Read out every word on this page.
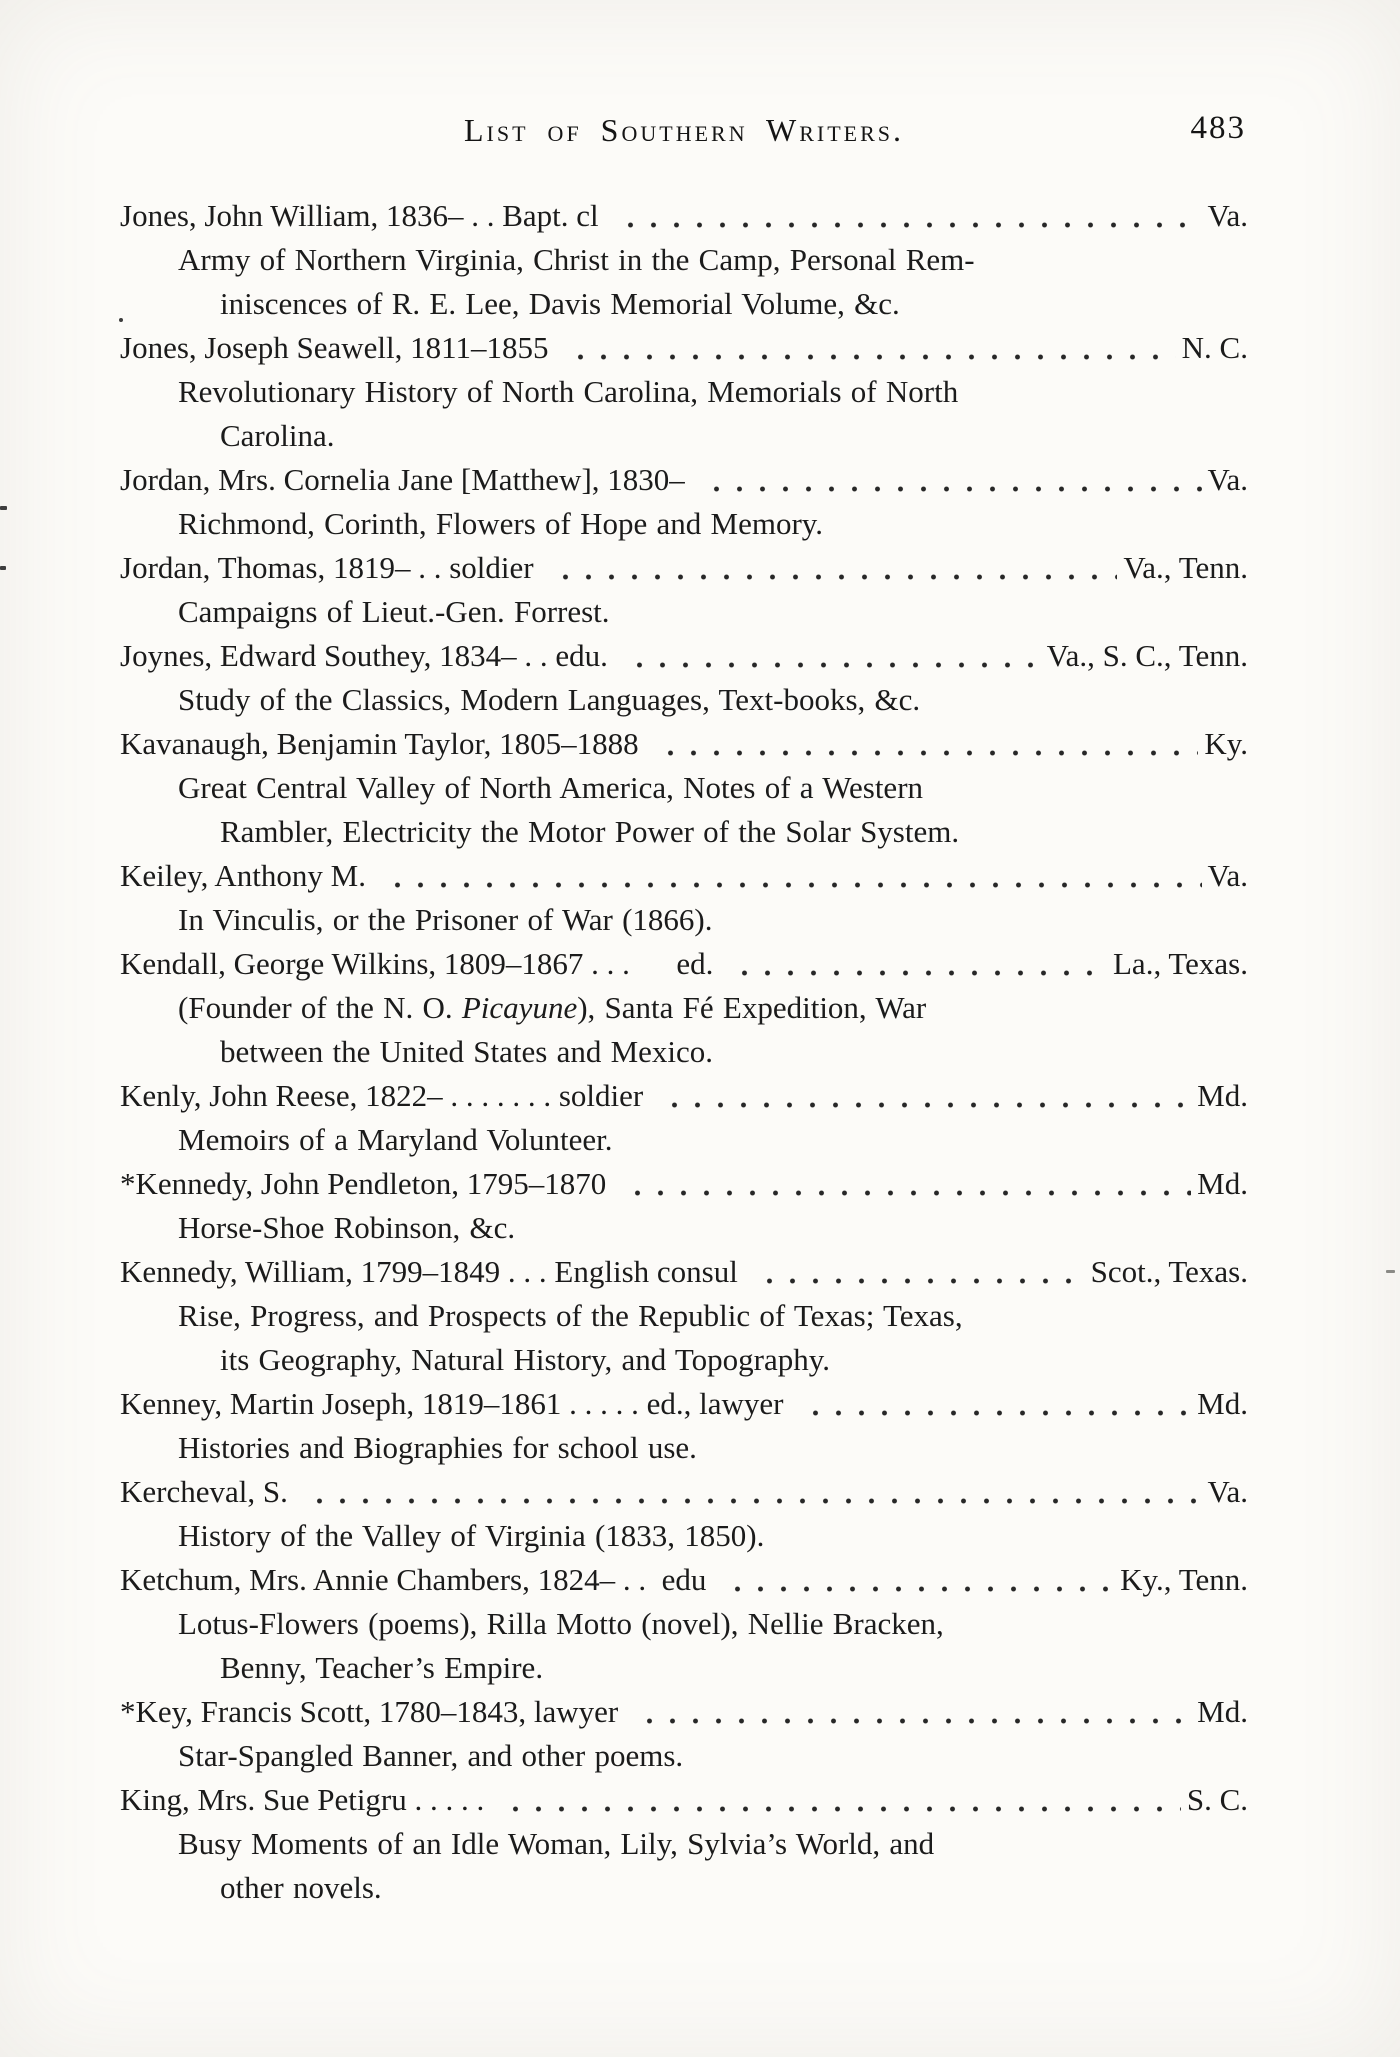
List of Southern Writers.	483
Jones, John William, 1836– . . Bapt. cl	Va.
Army of Northern Virginia, Christ in the Camp, Personal Rem-
iniscences of R. E. Lee, Davis Memorial Volume, &c.
Jones, Joseph Seawell, 1811–1855	N. C.
Revolutionary History of North Carolina, Memorials of North
Carolina.
Jordan, Mrs. Cornelia Jane [Matthew], 1830–	Va.
Richmond, Corinth, Flowers of Hope and Memory.
Jordan, Thomas, 1819– . . soldier	Va., Tenn.
Campaigns of Lieut.-Gen. Forrest.
Joynes, Edward Southey, 1834– . . edu.	Va., S. C., Tenn.
Study of the Classics, Modern Languages, Text-books, &c.
Kavanaugh, Benjamin Taylor, 1805–1888	Ky.
Great Central Valley of North America, Notes of a Western
Rambler, Electricity the Motor Power of the Solar System.
Keiley, Anthony M.	Va.
In Vinculis, or the Prisoner of War (1866).
Kendall, George Wilkins, 1809–1867 . . .      ed.	La., Texas.
(Founder of the N. O. Picayune), Santa Fé Expedition, War
between the United States and Mexico.
Kenly, John Reese, 1822– . . . . . . . soldier	Md.
Memoirs of a Maryland Volunteer.
*Kennedy, John Pendleton, 1795–1870	Md.
Horse-Shoe Robinson, &c.
Kennedy, William, 1799–1849 . . . English consul	Scot., Texas.
Rise, Progress, and Prospects of the Republic of Texas; Texas,
its Geography, Natural History, and Topography.
Kenney, Martin Joseph, 1819–1861 . . . . . ed., lawyer	Md.
Histories and Biographies for school use.
Kercheval, S.	Va.
History of the Valley of Virginia (1833, 1850).
Ketchum, Mrs. Annie Chambers, 1824– . .  edu	Ky., Tenn.
Lotus-Flowers (poems), Rilla Motto (novel), Nellie Bracken,
Benny, Teacher’s Empire.
*Key, Francis Scott, 1780–1843, lawyer	Md.
Star-Spangled Banner, and other poems.
King, Mrs. Sue Petigru . . . . .	S. C.
Busy Moments of an Idle Woman, Lily, Sylvia’s World, and
other novels.
